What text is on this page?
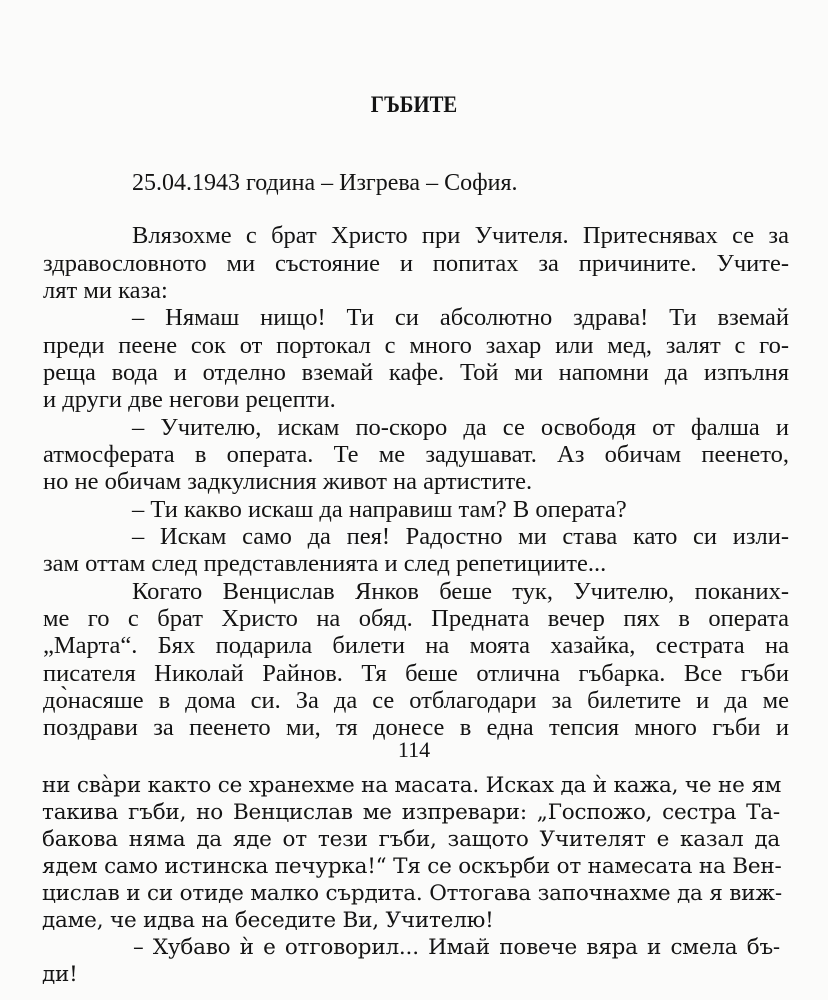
ГЪБИТЕ
25.04.1943 година – Изгрева – София.
Влязохме с брат Христо при Учителя. Притеснявах се за
здравословното ми състояние и попитах за причините. Учите-
лят ми каза:
– Нямаш нищо! Ти си абсолютно здрава! Ти вземай
преди пеене сок от портокал с много захар или мед, залят с го-
реща вода и отделно вземай кафе. Той ми напомни да изпълня
и други две негови рецепти.
– Учителю, искам по-скоро да се освободя от фалша и
атмосферата в операта. Те ме задушават. Аз обичам пеенето,
но не обичам задкулисния живот на артистите.
– Ти какво искаш да направиш там? В операта?
– Искам само да пея! Радостно ми става като си изли-
зам оттам след представленията и след репетициите...
Когато Венцислав Янков беше тук, Учителю, поканих-
ме го с брат Христо на обяд. Предната вечер пях в операта
„Марта“. Бях подарила билети на моята хазайка, сестрата на
писателя Николай Райнов. Тя беше отлична гъбарка. Все гъби
до̀насяше в дома си. За да се отблагодари за билетите и да ме
поздрави за пеенето ми, тя донесе в една тепсия много гъби и
114
ни сва̀ри както се хранехме на масата. Исках да ѝ кажа, че не ям
такива гъби, но Венцислав ме изпревари: „Госпожо, сестра Та-
бакова няма да яде от тези гъби, защото Учителят е казал да
ядем само истинска печурка!“ Тя се оскърби от намесата на Вен-
цислав и си отиде малко сърдита. Оттогава започнахме да я виж-
даме, че идва на беседите Ви, Учителю!
– Хубаво ѝ е отговорил... Имай повече вяра и смела бъ-
ди!
